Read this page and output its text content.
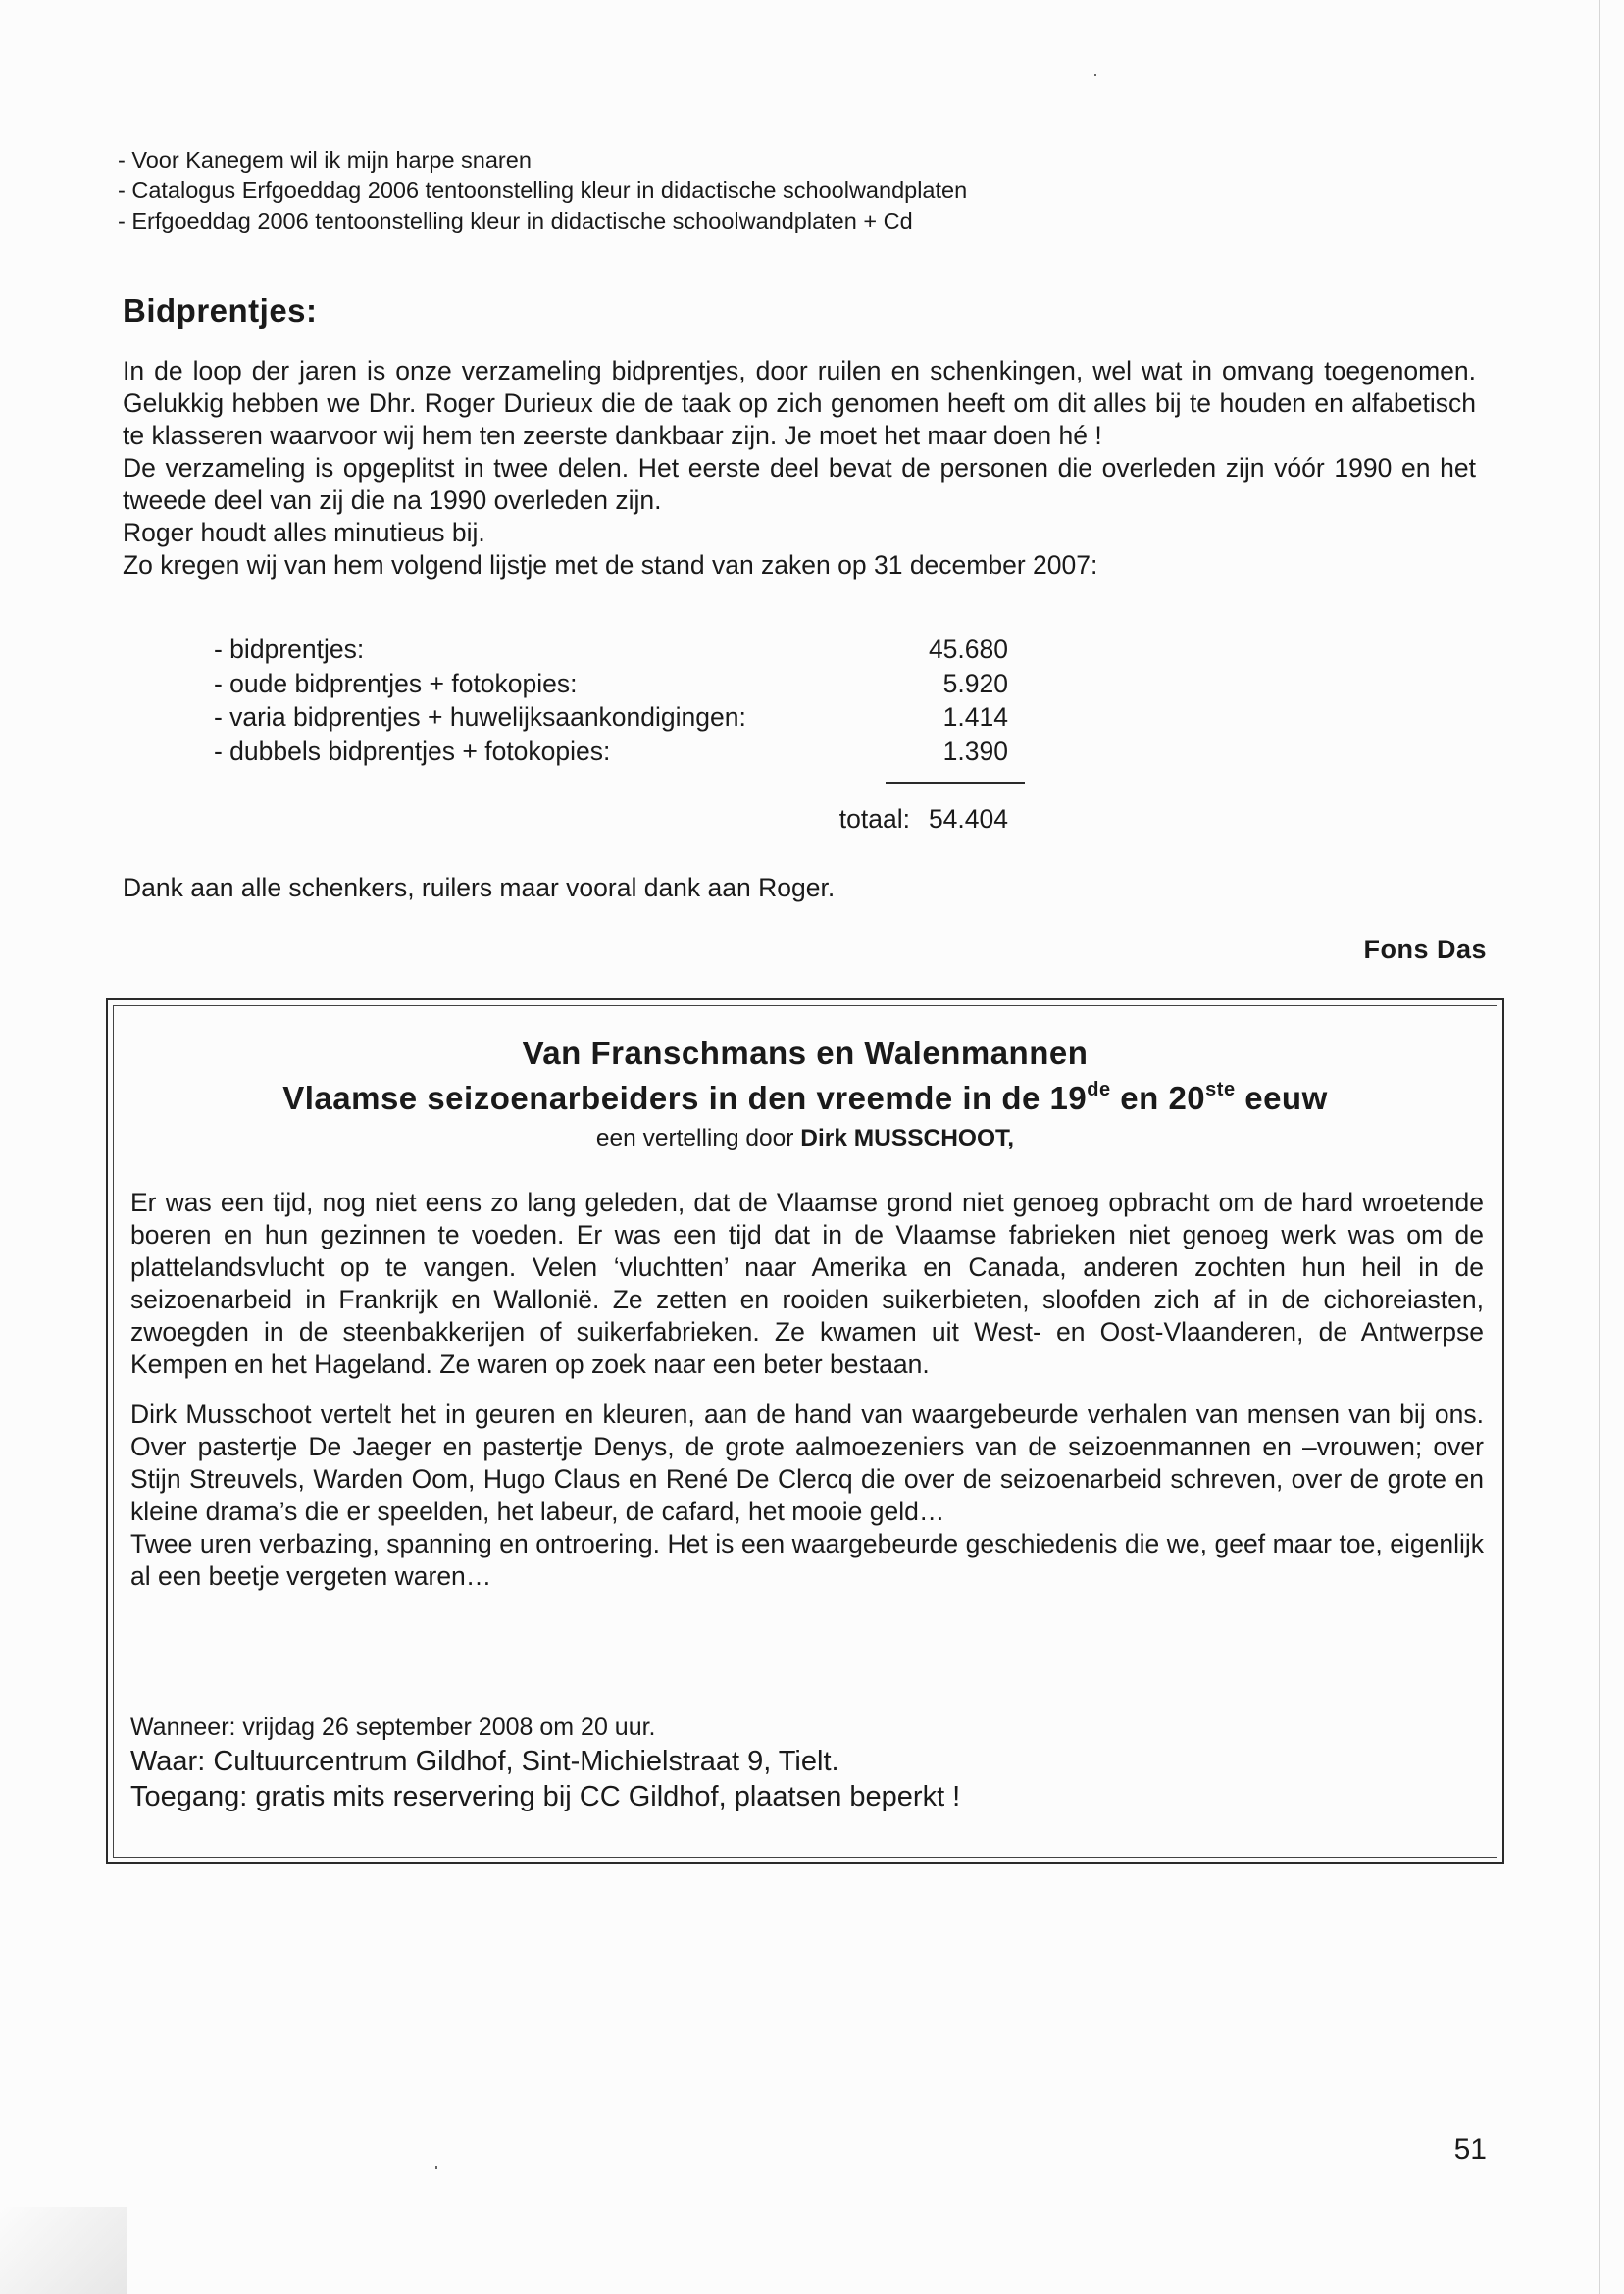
- Voor Kanegem wil ik mijn harpe snaren
- Catalogus Erfgoeddag 2006 tentoonstelling kleur in didactische schoolwandplaten
- Erfgoeddag 2006 tentoonstelling kleur in didactische schoolwandplaten + Cd
Bidprentjes:

In de loop der jaren is onze verzameling bidprentjes, door ruilen en schenkingen, wel wat in omvang toegenomen. Gelukkig hebben we Dhr. Roger Durieux die de taak op zich genomen heeft om dit alles bij te houden en alfabetisch te klasseren waarvoor wij hem ten zeerste dankbaar zijn. Je moet het maar doen hé !

De verzameling is opgeplitst in twee delen. Het eerste deel bevat de personen die overleden zijn vóór 1990 en het tweede deel van zij die na 1990 overleden zijn.

Roger houdt alles minutieus bij.

Zo kregen wij van hem volgend lijstje met de stand van zaken op 31 december 2007:

- bidprentjes:	45.680
- oude bidprentjes + fotokopies:	5.920
- varia bidprentjes + huwelijksaankondigingen:	1.414
- dubbels bidprentjes + fotokopies:	1.390
totaal: 54.404
Dank aan alle schenkers, ruilers maar vooral dank aan Roger.
Fons Das
Van Franschmans en Walenmannen
Vlaamse seizoenarbeiders in den vreemde in de 19de en 20ste eeuw
een vertelling door Dirk MUSSCHOOT,

Er was een tijd, nog niet eens zo lang geleden, dat de Vlaamse grond niet genoeg opbracht om de hard wroetende boeren en hun gezinnen te voeden. Er was een tijd dat in de Vlaamse fabrieken niet genoeg werk was om de plattelandsvlucht op te vangen. Velen ‘vluchtten’ naar Amerika en Canada, anderen zochten hun heil in de seizoenarbeid in Frankrijk en Wallonië. Ze zetten en rooiden suikerbieten, sloofden zich af in de cichoreiasten, zwoegden in de steenbakkerijen of suikerfabrieken. Ze kwamen uit West- en Oost-Vlaanderen, de Antwerpse Kempen en het Hageland. Ze waren op zoek naar een beter bestaan.

Dirk Musschoot vertelt het in geuren en kleuren, aan de hand van waargebeurde verhalen van mensen van bij ons. Over pastertje De Jaeger en pastertje Denys, de grote aalmoezeniers van de seizoenmannen en –vrouwen; over Stijn Streuvels, Warden Oom, Hugo Claus en René De Clercq die over de seizoenarbeid schreven, over de grote en kleine drama’s die er speelden, het labeur, de cafard, het mooie geld…

Twee uren verbazing, spanning en ontroering. Het is een waargebeurde geschiedenis die we, geef maar toe, eigenlijk al een beetje vergeten waren…

Wanneer: vrijdag 26 september 2008 om 20 uur.
Waar: Cultuurcentrum Gildhof, Sint-Michielstraat 9, Tielt.
Toegang: gratis mits reservering bij CC Gildhof, plaatsen beperkt !
51
